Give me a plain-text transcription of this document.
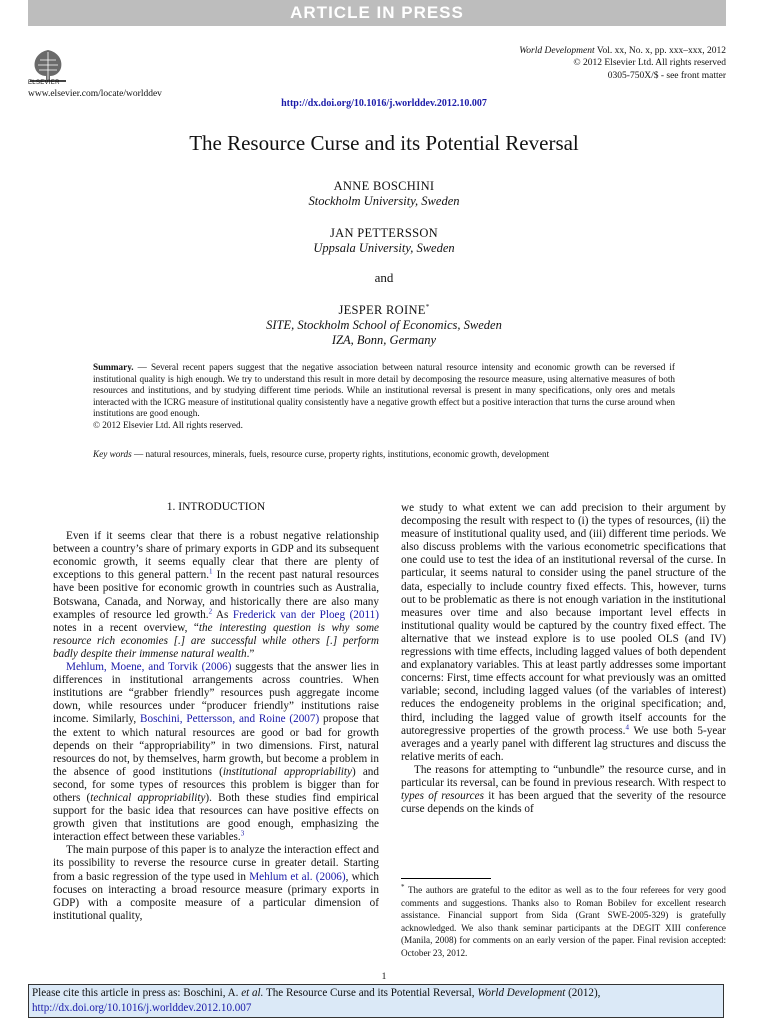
ARTICLE IN PRESS
ELSEVIER
www.elsevier.com/locate/worlddev
World Development Vol. xx, No. x, pp. xxx–xxx, 2012
© 2012 Elsevier Ltd. All rights reserved
0305-750X/$ - see front matter
http://dx.doi.org/10.1016/j.worlddev.2012.10.007
The Resource Curse and its Potential Reversal
ANNE BOSCHINI
Stockholm University, Sweden
JAN PETTERSSON
Uppsala University, Sweden
and
JESPER ROINE*
SITE, Stockholm School of Economics, Sweden
IZA, Bonn, Germany
Summary. — Several recent papers suggest that the negative association between natural resource intensity and economic growth can be reversed if institutional quality is high enough. We try to understand this result in more detail by decomposing the resource measure, using alternative measures of both resources and institutions, and by studying different time periods. While an institutional reversal is present in many specifications, only ores and metals interacted with the ICRG measure of institutional quality consistently have a negative growth effect but a positive interaction that turns the curse around when institutions are good enough.
© 2012 Elsevier Ltd. All rights reserved.
Key words — natural resources, minerals, fuels, resource curse, property rights, institutions, economic growth, development
1. INTRODUCTION

Even if it seems clear that there is a robust negative relationship between a country’s share of primary exports in GDP and its subsequent economic growth, it seems equally clear that there are plenty of exceptions to this general pattern.$^1$ In the recent past natural resources have been positive for economic growth in countries such as Australia, Botswana, Canada, and Norway, and historically there are also many examples of resource led growth.$^2$ As Frederick van der Ploeg (2011) notes in a recent overview, “the interesting question is why some resource rich economies [.] are successful while others [.] perform badly despite their immense natural wealth.”

Mehlum, Moene, and Torvik (2006) suggests that the answer lies in differences in institutional arrangements across countries. When institutions are “grabber friendly” resources push aggregate income down, while resources under “producer friendly” institutions raise income. Similarly, Boschini, Pettersson, and Roine (2007) propose that the extent to which natural resources are good or bad for growth depends on their “appropriability” in two dimensions. First, natural resources do not, by themselves, harm growth, but become a problem in the absence of good institutions (institutional appropriability) and second, for some types of resources this problem is bigger than for others (technical appropriability). Both these studies find empirical support for the basic idea that resources can have positive effects on growth given that institutions are good enough, emphasizing the interaction effect between these variables.$^3$

The main purpose of this paper is to analyze the interaction effect and its possibility to reverse the resource curse in greater detail. Starting from a basic regression of the type used in Mehlum et al. (2006), which focuses on interacting a broad resource measure (primary exports in GDP) with a composite measure of a particular dimension of institutional quality,

we study to what extent we can add precision to their argument by decomposing the result with respect to (i) the types of resources, (ii) the measure of institutional quality used, and (iii) different time periods. We also discuss problems with the various econometric specifications that one could use to test the idea of an institutional reversal of the curse. In particular, it seems natural to consider using the panel structure of the data, especially to include country fixed effects. This, however, turns out to be problematic as there is not enough variation in the institutional measures over time and also because important level effects in institutional quality would be captured by the country fixed effect. The alternative that we instead explore is to use pooled OLS (and IV) regressions with time effects, including lagged values of both dependent and explanatory variables. This at least partly addresses some important concerns: First, time effects account for what previously was an omitted variable; second, including lagged values (of the variables of interest) reduces the endogeneity problems in the original specification; and, third, including the lagged value of growth itself accounts for the autoregressive properties of the growth process.$^4$ We use both 5-year averages and a yearly panel with different lag structures and discuss the relative merits of each.

The reasons for attempting to “unbundle” the resource curse, and in particular its reversal, can be found in previous research. With respect to types of resources it has been argued that the severity of the resource curse depends on the kinds of

* The authors are grateful to the editor as well as to the four referees for very good comments and suggestions. Thanks also to Roman Bobilev for excellent research assistance. Financial support from Sida (Grant SWE-2005-329) is gratefully acknowledged. We also thank seminar participants at the DEGIT XIII conference (Manila, 2008) for comments on an early version of the paper. Final revision accepted: October 23, 2012.
1
Please cite this article in press as: Boschini, A. et al. The Resource Curse and its Potential Reversal, World Development (2012), http://dx.doi.org/10.1016/j.worlddev.2012.10.007
